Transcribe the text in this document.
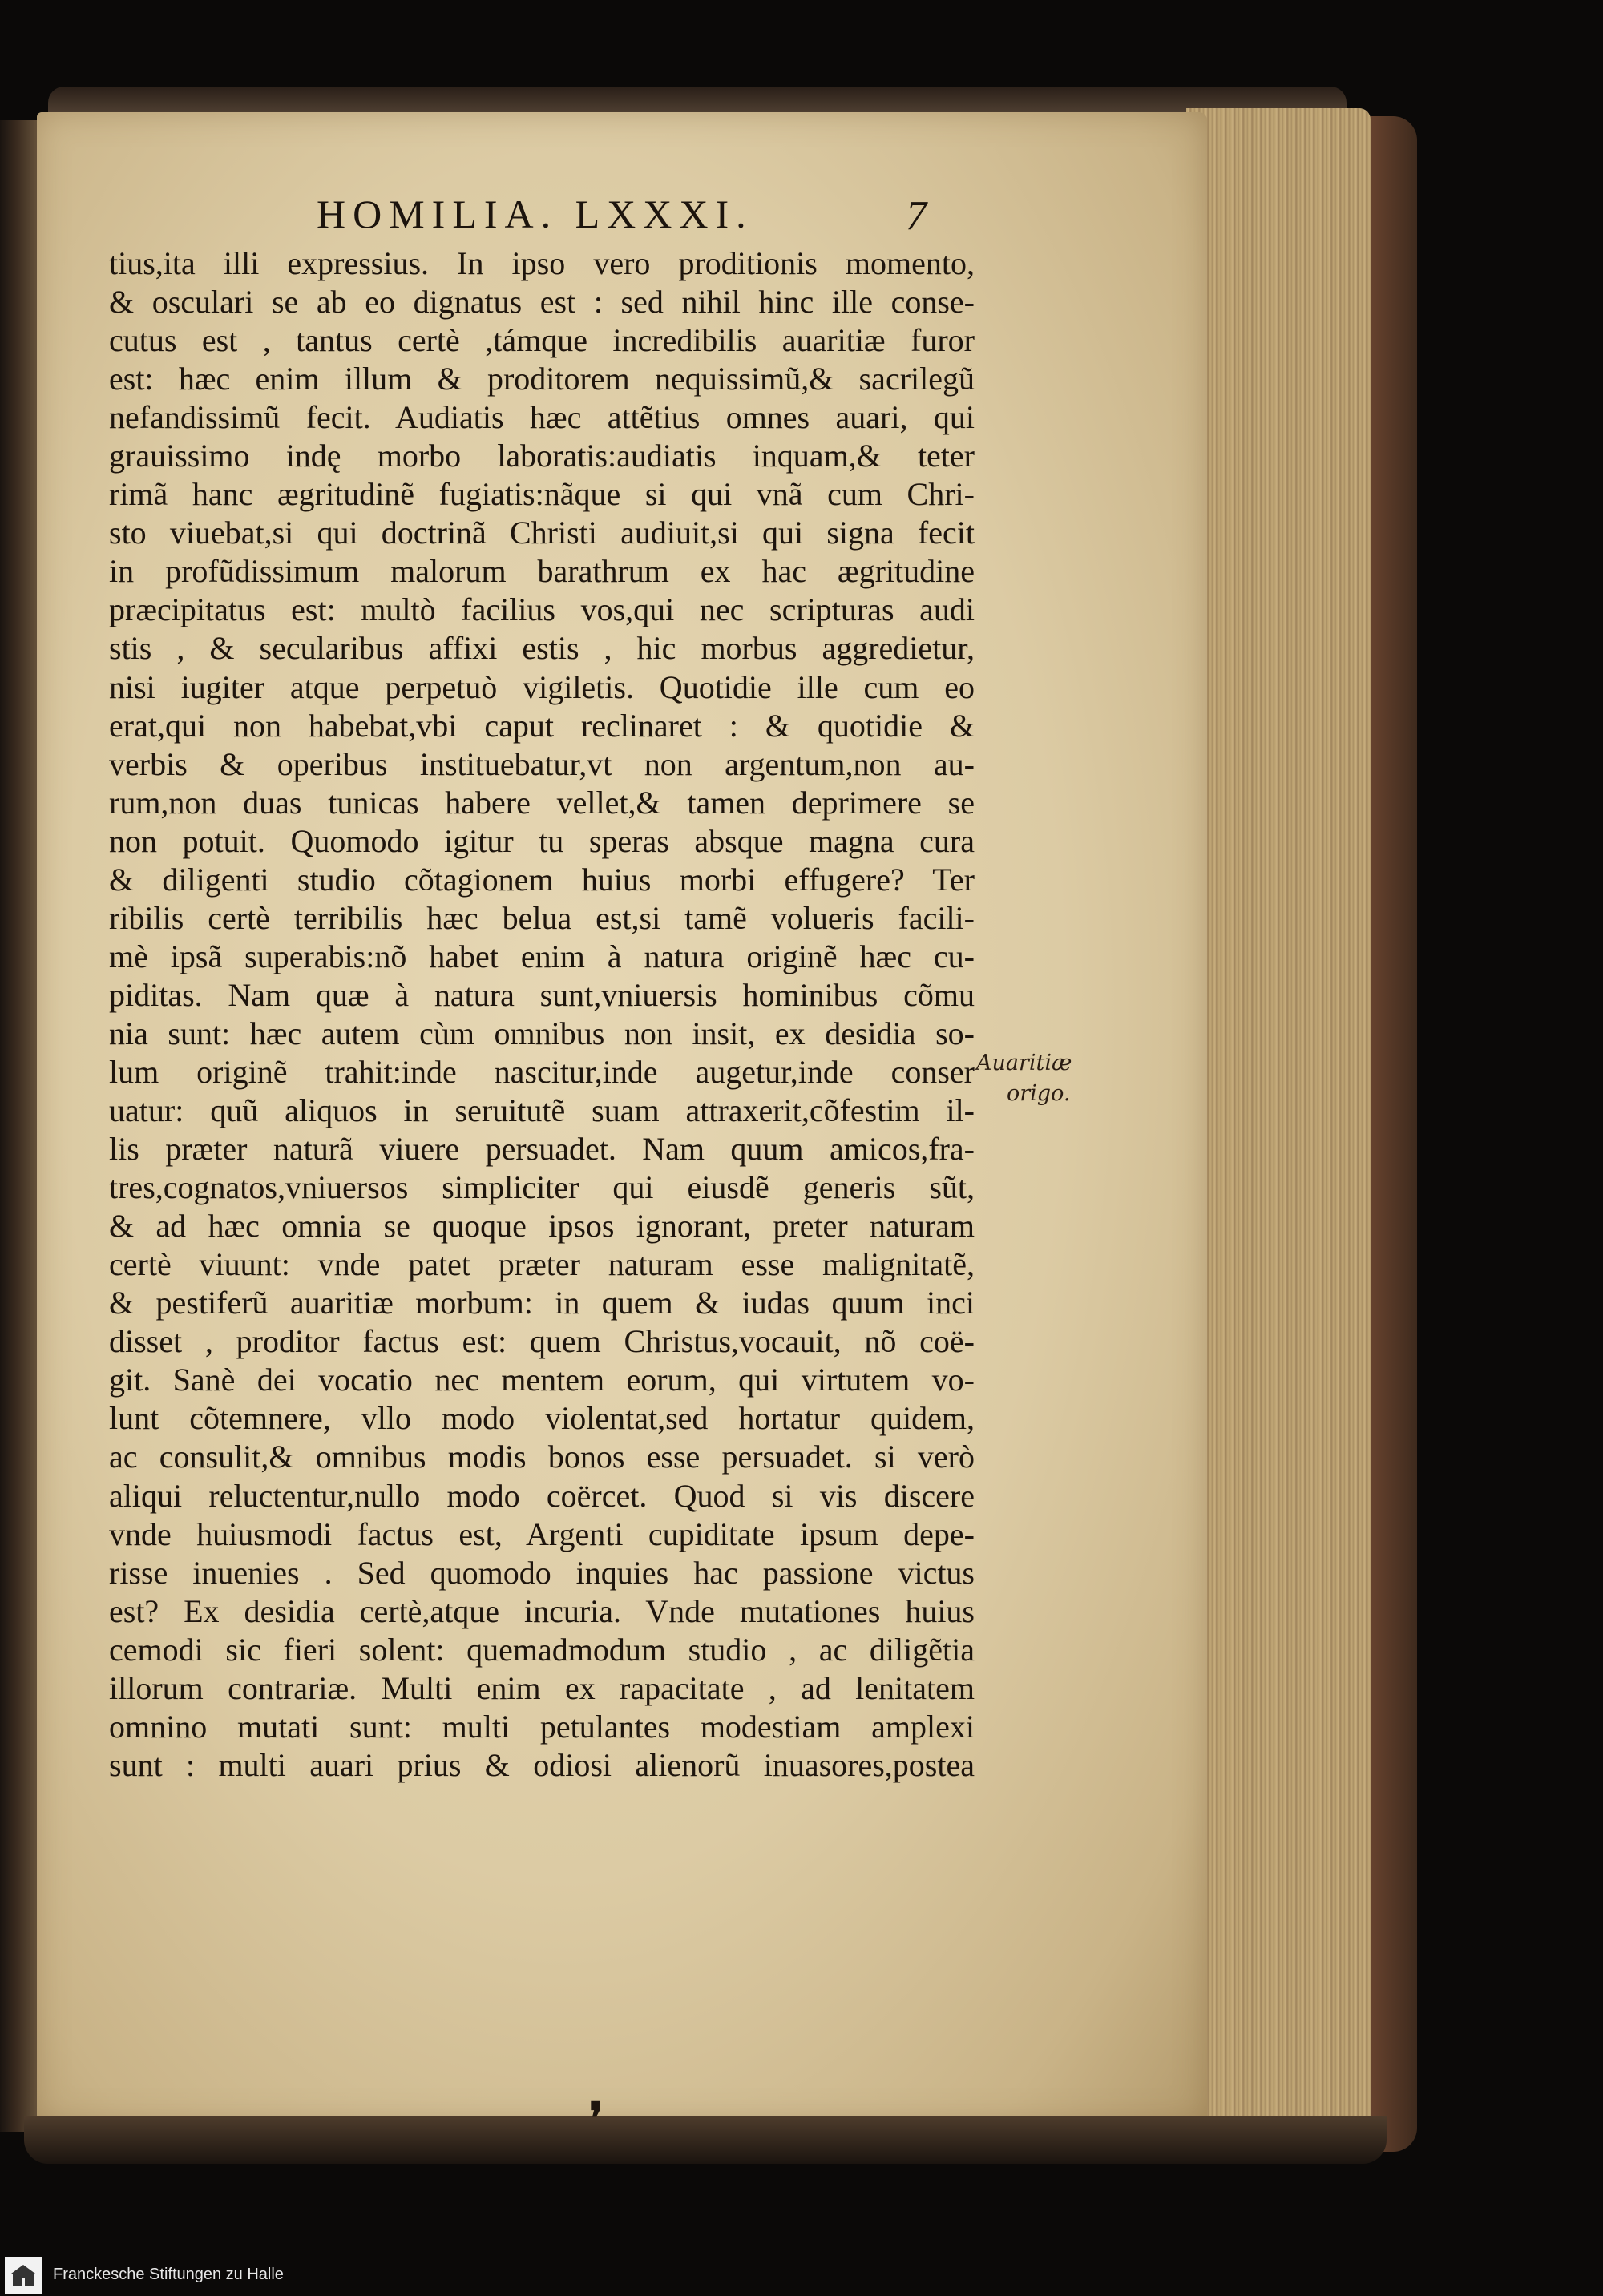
HOMILIA. LXXXI.	7
tius,ita illi expressius. In ipso vero proditionis momento,
& osculari se ab eo dignatus est : sed nihil hinc ille conse-
cutus est , tantus certè ,támque incredibilis auaritiæ furor
est: hæc enim illum & proditorem nequissimũ,& sacrilegũ
nefandissimũ fecit. Audiatis hæc attẽtius omnes auari, qui
grauissimo indę morbo laboratis:audiatis inquam,& teter
rimã hanc ægritudinẽ fugiatis:nãque si qui vnã cum Chri-
sto viuebat,si qui doctrinã Christi audiuit,si qui signa fecit
in profũdissimum malorum barathrum ex hac ægritudine
præcipitatus est: multò facilius vos,qui nec scripturas audi
stis , & secularibus affixi estis , hic morbus aggredietur,
nisi iugiter atque perpetuò vigiletis. Quotidie ille cum eo
erat,qui non habebat,vbi caput reclinaret : & quotidie &
verbis & operibus instituebatur,vt non argentum,non au-
rum,non duas tunicas habere vellet,& tamen deprimere se
non potuit. Quomodo igitur tu speras absque magna cura
& diligenti studio cõtagionem huius morbi effugere? Ter
ribilis certè terribilis hæc belua est,si tamẽ volueris facili-
mè ipsã superabis:nõ habet enim à natura originẽ hæc cu-
piditas. Nam quæ à natura sunt,vniuersis hominibus cõmu
nia sunt: hæc autem cùm omnibus non insit, ex desidia so-
lum originẽ trahit:inde nascitur,inde augetur,inde conser
uatur: quũ aliquos in seruitutẽ suam attraxerit,cõfestim il-
lis præter naturã viuere persuadet. Nam quum amicos,fra-
tres,cognatos,vniuersos simpliciter qui eiusdẽ generis sũt,
& ad hæc omnia se quoque ipsos ignorant, preter naturam
certè viuunt: vnde patet præter naturam esse malignitatẽ,
& pestiferũ auaritiæ morbum: in quem & iudas quum inci
disset , proditor factus est: quem Christus,vocauit, nõ coë-
git. Sanè dei vocatio nec mentem eorum, qui virtutem vo-
lunt cõtemnere, vllo modo violentat,sed hortatur quidem,
ac consulit,& omnibus modis bonos esse persuadet. si verò
aliqui reluctentur,nullo modo coërcet. Quod si vis discere
vnde huiusmodi factus est, Argenti cupiditate ipsum depe-
risse inuenies . Sed quomodo inquies hac passione victus
est? Ex desidia certè,atque incuria. Vnde mutationes huius
cemodi sic fieri solent: quemadmodum studio , ac diligẽtia
illorum contrariæ. Multi enim ex rapacitate , ad lenitatem
omnino mutati sunt: multi petulantes modestiam amplexi
sunt : multi auari prius & odiosi alienorũ inuasores,postea
Auaritiæ
origo.
❜
Franckesche Stiftungen zu Halle
